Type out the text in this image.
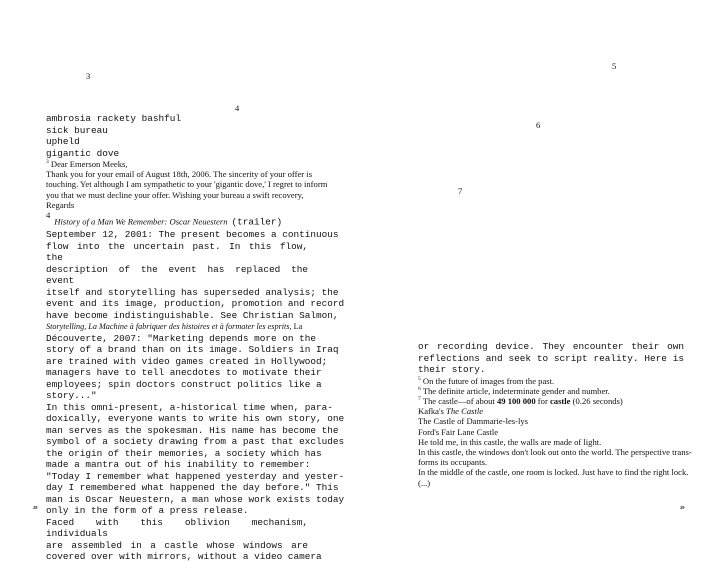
3
4
ambrosia rackety bashful
sick bureau
upheld
gigantic dove
$^3$ Dear Emerson Meeks,
Thank you for your email of August 18th, 2006. The sincerity of your offer is
touching. Yet although I am sympathetic to your 'gigantic dove,' I regret to inform
you that we must decline your offer. Wishing your bureau a swift recovery,
Regards
$^4$ History of a Man We Remember: Oscar Neuestern (trailer)
September 12, 2001: The present becomes a continuous
flow into the uncertain past. In this flow, the
description of the event has replaced the event
itself and storytelling has superseded analysis; the
event and its image, production, promotion and record
have become indistinguishable. See Christian Salmon,
Storytelling, La Machine à fabriquer des histoires et à formater les esprits, La
Découverte, 2007: "Marketing depends more on the
story of a brand than on its image. Soldiers in Iraq
are trained with video games created in Hollywood;
managers have to tell anecdotes to motivate their
employees; spin doctors construct politics like a
story..."
In this omni-present, a-historical time when, para-
doxically, everyone wants to write his own story, one
man serves as the spokesman. His name has become the
symbol of a society drawing from a past that excludes
the origin of their memories, a society which has
made a mantra out of his inability to remember:
"Today I remember what happened yesterday and yester-
day I remembered what happened the day before." This
man is Oscar Neuestern, a man whose work exists today
only in the form of a press release.
Faced with this oblivion mechanism, individuals
are assembled in a castle whose windows are
covered over with mirrors, without a video camera
28
5
6
7
or recording device. They encounter their own
reflections and seek to script reality. Here is
their story.
$^5$ On the future of images from the past.
$^6$ The definite article, indeterminate gender and number.
$^7$ The castle—of about 49 100 000 for castle (0.26 seconds)
Kafka's The Castle
The Castle of Dammarie-les-lys
Ford's Fair Lane Castle
He told me, in this castle, the walls are made of light.
In this castle, the windows don't look out onto the world. The perspective trans-
forms its occupants.
In the middle of the castle, one room is locked. Just have to find the right lock.
(...)
29
